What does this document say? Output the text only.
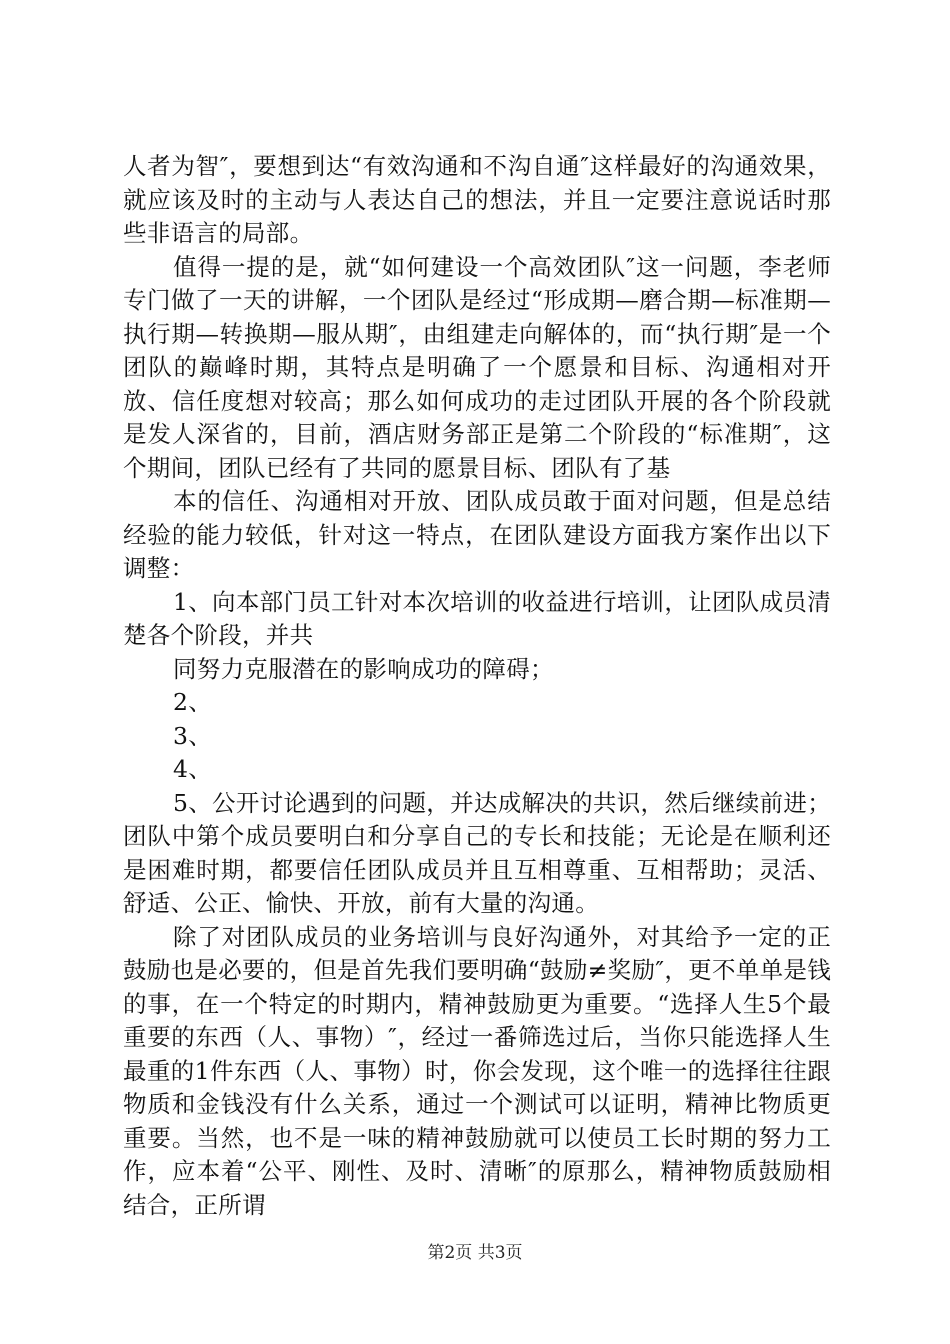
人者为智″，要想到达“有效沟通和不沟自通″这样最好的沟通效果，就应该及时的主动与人表达自己的想法，并且一定要注意说话时那些非语言的局部。

值得一提的是，就“如何建设一个高效团队″这一问题，李老师专门做了一天的讲解，一个团队是经过“形成期—磨合期—标准期—执行期—转换期—服从期″，由组建走向解体的，而“执行期″是一个团队的巅峰时期，其特点是明确了一个愿景和目标、沟通相对开放、信任度想对较高；那么如何成功的走过团队开展的各个阶段就是发人深省的，目前，酒店财务部正是第二个阶段的“标准期″，这个期间，团队已经有了共同的愿景目标、团队有了基

本的信任、沟通相对开放、团队成员敢于面对问题，但是总结经验的能力较低，针对这一特点，在团队建设方面我方案作出以下调整：

1、向本部门员工针对本次培训的收益进行培训，让团队成员清楚各个阶段，并共

同努力克服潜在的影响成功的障碍；

2、

3、

4、

5、公开讨论遇到的问题，并达成解决的共识，然后继续前进；团队中第个成员要明白和分享自己的专长和技能；无论是在顺利还是困难时期，都要信任团队成员并且互相尊重、互相帮助；灵活、舒适、公正、愉快、开放，前有大量的沟通。

除了对团队成员的业务培训与良好沟通外，对其给予一定的正鼓励也是必要的，但是首先我们要明确“鼓励≠奖励″，更不单单是钱的事，在一个特定的时期内，精神鼓励更为重要。“选择人生5个最重要的东西（人、事物）″，经过一番筛选过后，当你只能选择人生最重的1件东西（人、事物）时，你会发现，这个唯一的选择往往跟物质和金钱没有什么关系，通过一个测试可以证明，精神比物质更重要。当然，也不是一味的精神鼓励就可以使员工长时期的努力工作，应本着“公平、刚性、及时、清晰″的原那么，精神物质鼓励相结合，正所谓

第2页 共3页
